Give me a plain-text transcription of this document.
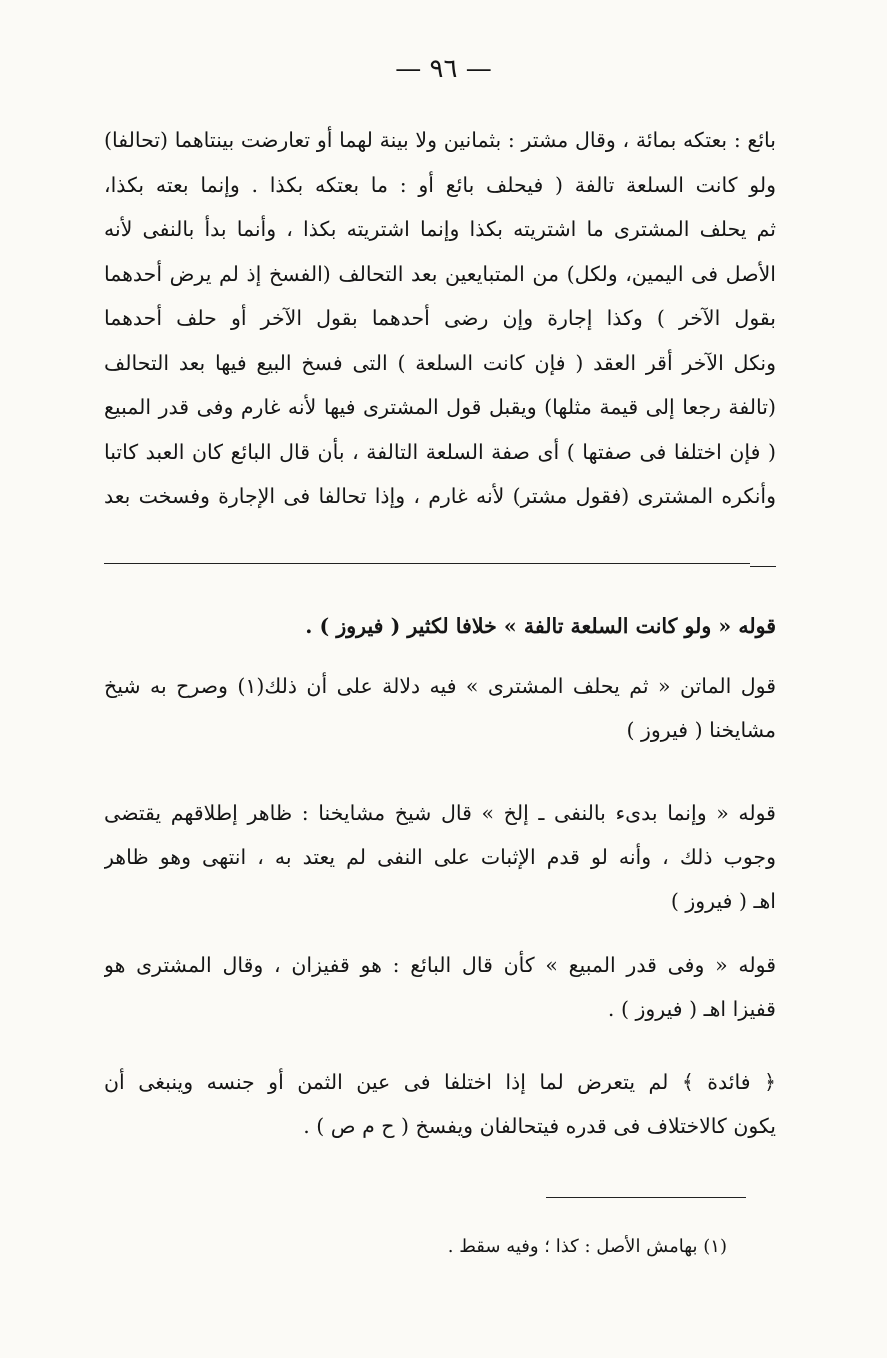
— ٩٦ —
بائع : بعتكه بمائة ، وقال مشتر : بثمانين ولا بينة لهما أو تعارضت بينتاهما (تحالفا)
ولو كانت السلعة تالفة ( فيحلف بائع أو : ما بعتكه بكذا . وإنما بعته بكذا،
ثم يحلف المشترى ما اشتريته بكذا وإنما اشتريته بكذا ، وأنما بدأ بالنفى لأنه
الأصل فى اليمين، ولكل) من المتبايعين بعد التحالف (الفسخ إذ لم يرض أحدهما
بقول الآخر ) وكذا إجارة وإن رضى أحدهما بقول الآخر أو حلف أحدهما
ونكل الآخر أقر العقد ( فإن كانت السلعة ) التى فسخ البيع فيها بعد التحالف
(تالفة رجعا إلى قيمة مثلها) ويقبل قول المشترى فيها لأنه غارم وفى قدر المبيع
( فإن اختلفا فى صفتها ) أى صفة السلعة التالفة ، بأن قال البائع كان العبد كاتبا
وأنكره المشترى (فقول مشتر) لأنه غارم ، وإذا تحالفا فى الإجارة وفسخت بعد
قوله « ولو كانت السلعة تالفة » خلافا لكثير ( فيروز ) .
قول الماتن « ثم يحلف المشترى » فيه دلالة على أن ذلك(١) وصرح به شيخ
مشايخنا ( فيروز )
قوله « وإنما بدىء بالنفى ـ إلخ » قال شيخ مشايخنا : ظاهر إطلاقهم يقتضى
وجوب ذلك ، وأنه لو قدم الإثبات على النفى لم يعتد به ، انتهى وهو ظاهر
اهـ ( فيروز )
قوله « وفى قدر المبيع » كأن قال البائع : هو قفيزان ، وقال المشترى هو
قفيزا اهـ ( فيروز ) .
﴿ فائدة ﴾ لم يتعرض لما إذا اختلفا فى عين الثمن أو جنسه وينبغى أن
يكون كالاختلاف فى قدره فيتحالفان ويفسخ ( ح م ص ) .
(١) بهامش الأصل : كذا ؛ وفيه سقط .
